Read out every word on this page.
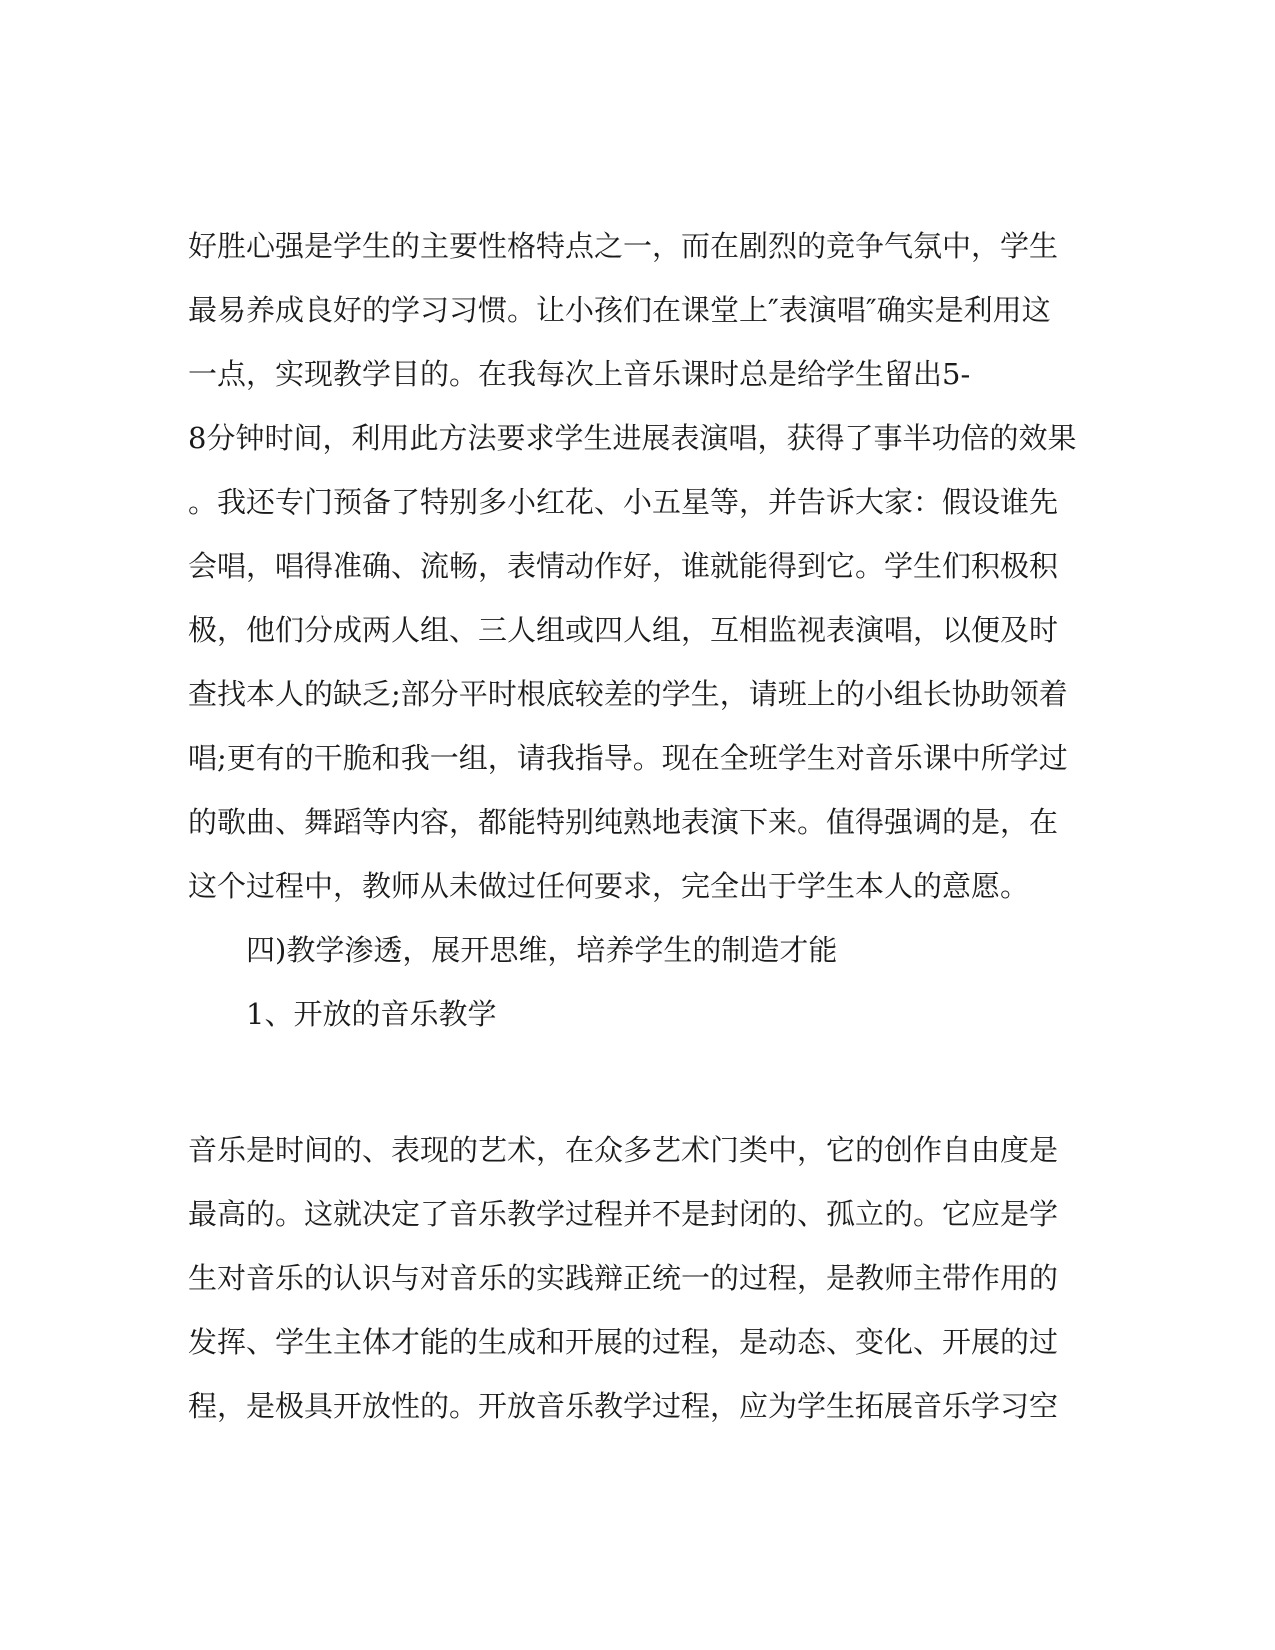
好胜心强是学生的主要性格特点之一，而在剧烈的竞争气氛中，学生

最易养成良好的学习习惯。让小孩们在课堂上″表演唱″确实是利用这

一点，实现教学目的。在我每次上音乐课时总是给学生留出5-

8分钟时间，利用此方法要求学生进展表演唱，获得了事半功倍的效果

。我还专门预备了特别多小红花、小五星等，并告诉大家：假设谁先

会唱，唱得准确、流畅，表情动作好，谁就能得到它。学生们积极积

极，他们分成两人组、三人组或四人组，互相监视表演唱，以便及时

查找本人的缺乏;部分平时根底较差的学生，请班上的小组长协助领着

唱;更有的干脆和我一组，请我指导。现在全班学生对音乐课中所学过

的歌曲、舞蹈等内容，都能特别纯熟地表演下来。值得强调的是，在

这个过程中，教师从未做过任何要求，完全出于学生本人的意愿。

四)教学渗透，展开思维，培养学生的制造才能

1、开放的音乐教学

音乐是时间的、表现的艺术，在众多艺术门类中，它的创作自由度是

最高的。这就决定了音乐教学过程并不是封闭的、孤立的。它应是学

生对音乐的认识与对音乐的实践辩正统一的过程，是教师主带作用的

发挥、学生主体才能的生成和开展的过程，是动态、变化、开展的过

程，是极具开放性的。开放音乐教学过程，应为学生拓展音乐学习空
